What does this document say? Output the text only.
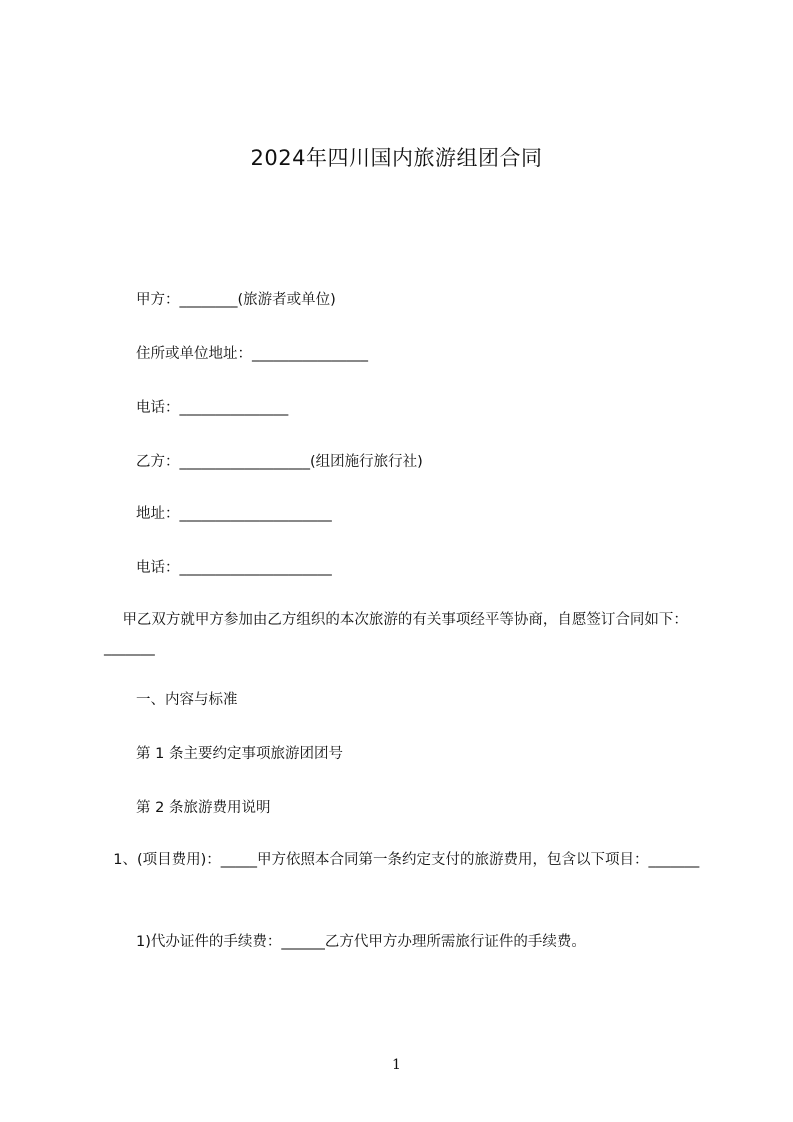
2024年四川国内旅游组团合同
甲方：________(旅游者或单位)
住所或单位地址：________________
电话：_______________
乙方：__________________(组团施行旅行社)
地址：_____________________
电话：_____________________
甲乙双方就甲方参加由乙方组织的本次旅游的有关事项经平等协商，自愿签订合同如下：_______
一、内容与标准
第 1 条主要约定事项旅游团团号
第 2 条旅游费用说明
1、(项目费用)：_____甲方依照本合同第一条约定支付的旅游费用，包含以下项目：_______
1)代办证件的手续费：______乙方代甲方办理所需旅行证件的手续费。
1
